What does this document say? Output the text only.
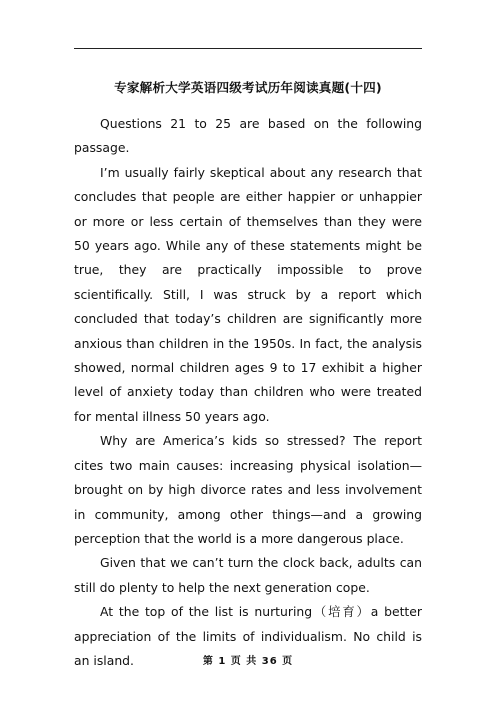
专家解析大学英语四级考试历年阅读真题(十四)

Questions 21 to 25 are based on the following passage.

I’m usually fairly skeptical about any research that concludes that people are either happier or unhappier or more or less certain of themselves than they were 50 years ago. While any of these statements might be true, they are practically impossible to prove scientifically. Still, I was struck by a report which concluded that today’s children are significantly more anxious than children in the 1950s. In fact, the analysis showed, normal children ages 9 to 17 exhibit a higher level of anxiety today than children who were treated for mental illness 50 years ago.

Why are America’s kids so stressed? The report cites two main causes: increasing physical isolation—brought on by high divorce rates and less involvement in community, among other things—and a growing perception that the world is a more dangerous place.

Given that we can’t turn the clock back, adults can still do plenty to help the next generation cope.

At the top of the list is nurturing（培育）a better appreciation of the limits of individualism. No child is an island.	第 1 页 共 36 页
